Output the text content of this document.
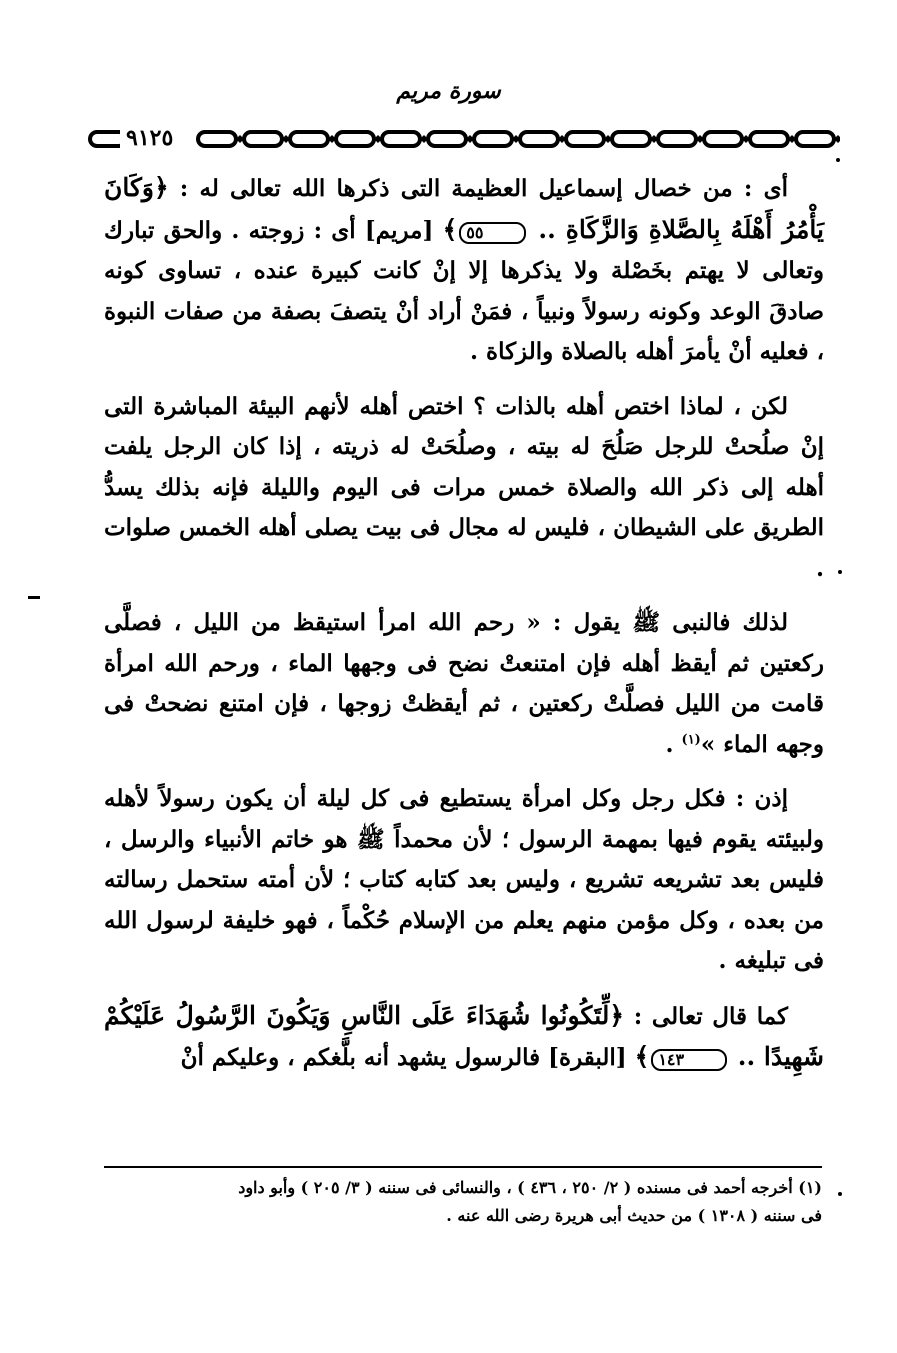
سورة مريم
٩١٢٥

أى : من خصال إسماعيل العظيمة التى ذكرها الله تعالى له : ﴿وَكَانَ يَأْمُرُ أَهْلَهُ بِالصَّلاةِ وَالزَّكَاةِ .. ٥٥﴾ [مريم] أى : زوجته . والحق تبارك وتعالى لا يهتم بخَصْلة ولا يذكرها إلا إنْ كانت كبيرة عنده ، تساوى كونه صادقَ الوعد وكونه رسولاً ونبياً ، فمَنْ أراد أنْ يتصفَ بصفة من صفات النبوة ، فعليه أنْ يأمرَ أهله بالصلاة والزكاة .

لكن ، لماذا اختص أهله بالذات ؟ اختص أهله لأنهم البيئة المباشرة التى إنْ صلُحتْ للرجل صَلُحَ له بيته ، وصلُحَتْ له ذريته ، إذا كان الرجل يلفت أهله إلى ذكر الله والصلاة خمس مرات فى اليوم والليلة فإنه بذلك يسدُّ الطريق على الشيطان ، فليس له مجال فى بيت يصلى أهله الخمس صلوات .

لذلك فالنبى ﷺ يقول : « رحم الله امرأ استيقظ من الليل ، فصلَّى ركعتين ثم أيقظ أهله فإن امتنعتْ نضح فى وجهها الماء ، ورحم الله امرأة قامت من الليل فصلَّتْ ركعتين ، ثم أيقظتْ زوجها ، فإن امتنع نضحتْ فى وجهه الماء »$^{(١)}$ .

إذن : فكل رجل وكل امرأة يستطيع فى كل ليلة أن يكون رسولاً لأهله ولبيئته يقوم فيها بمهمة الرسول ؛ لأن محمداً ﷺ هو خاتم الأنبياء والرسل ، فليس بعد تشريعه تشريع ، وليس بعد كتابه كتاب ؛ لأن أمته ستحمل رسالته من بعده ، وكل مؤمن منهم يعلم من الإسلام حُكْماً ، فهو خليفة لرسول الله فى تبليغه .

كما قال تعالى : ﴿لِّتَكُونُوا شُهَدَاءَ عَلَى النَّاسِ وَيَكُونَ الرَّسُولُ عَلَيْكُمْ شَهِيدًا .. ١٤٣﴾ [البقرة] فالرسول يشهد أنه بلَّغكم ، وعليكم أنْ

(١) أخرجه أحمد فى مسنده ( ٢/ ٢٥٠ ، ٤٣٦ ) ، والنسائى فى سننه ( ٣/ ٢٠٥ ) وأبو داود
فى سننه ( ١٣٠٨ ) من حديث أبى هريرة رضى الله عنه .
